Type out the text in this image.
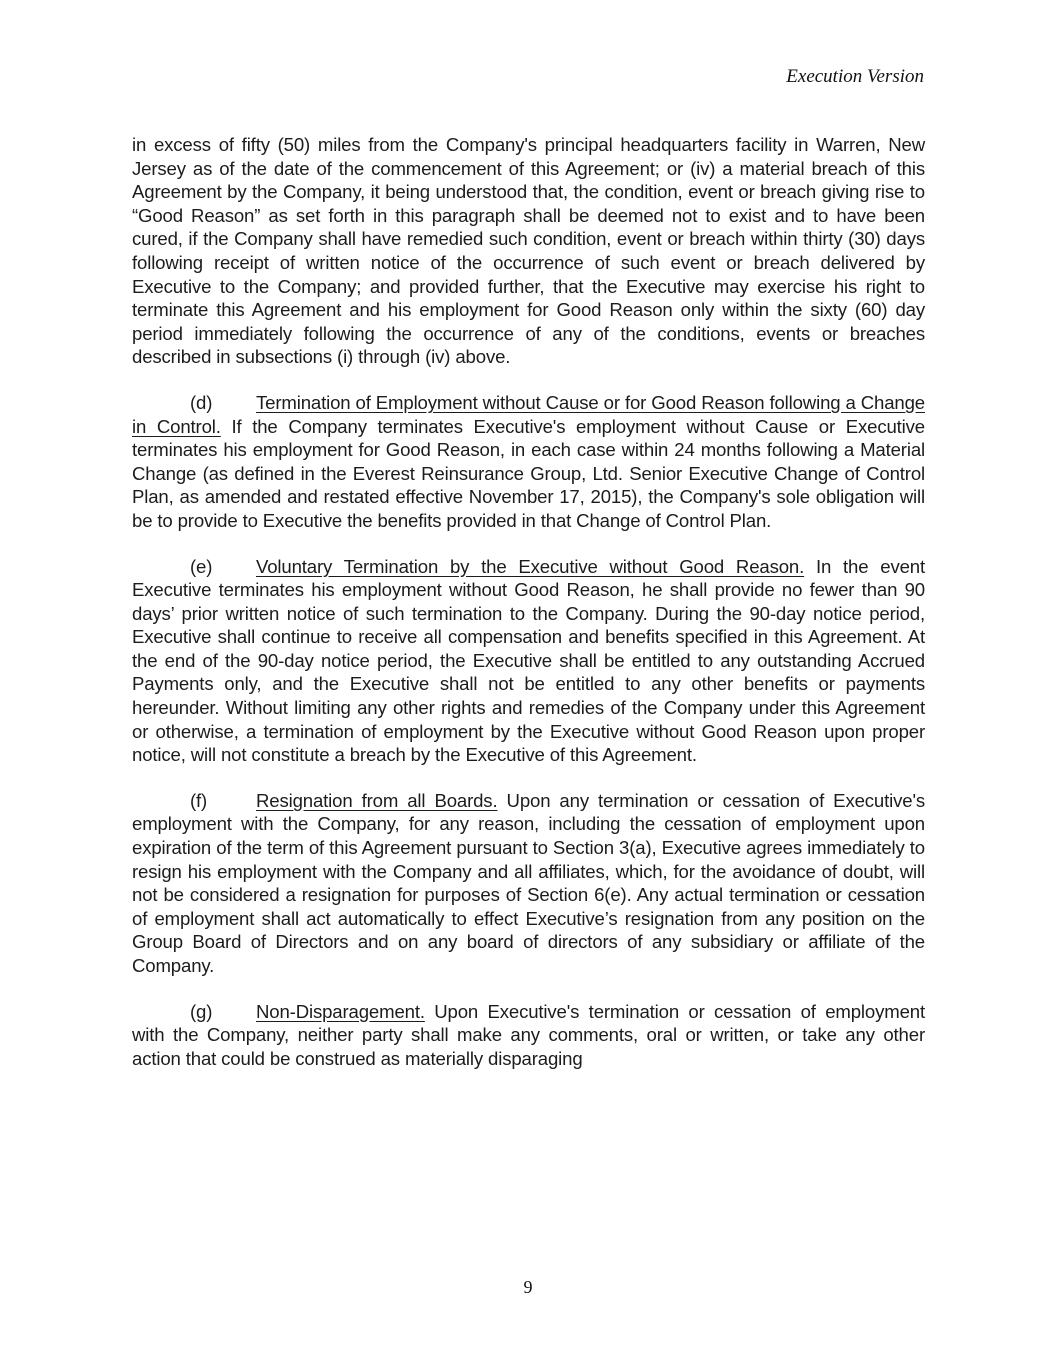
Execution Version

in excess of fifty (50) miles from the Company's principal headquarters facility in Warren, New Jersey as of the date of the commencement of this Agreement; or (iv) a material breach of this Agreement by the Company, it being understood that, the condition, event or breach giving rise to “Good Reason” as set forth in this paragraph shall be deemed not to exist and to have been cured, if the Company shall have remedied such condition, event or breach within thirty (30) days following receipt of written notice of the occurrence of such event or breach delivered by Executive to the Company; and provided further, that the Executive may exercise his right to terminate this Agreement and his employment for Good Reason only within the sixty (60) day period immediately following the occurrence of any of the conditions, events or breaches described in subsections (i) through (iv) above.

(d) Termination of Employment without Cause or for Good Reason following a Change in Control. If the Company terminates Executive's employment without Cause or Executive terminates his employment for Good Reason, in each case within 24 months following a Material Change (as defined in the Everest Reinsurance Group, Ltd. Senior Executive Change of Control Plan, as amended and restated effective November 17, 2015), the Company's sole obligation will be to provide to Executive the benefits provided in that Change of Control Plan.

(e) Voluntary Termination by the Executive without Good Reason. In the event Executive terminates his employment without Good Reason, he shall provide no fewer than 90 days’ prior written notice of such termination to the Company. During the 90-day notice period, Executive shall continue to receive all compensation and benefits specified in this Agreement. At the end of the 90-day notice period, the Executive shall be entitled to any outstanding Accrued Payments only, and the Executive shall not be entitled to any other benefits or payments hereunder. Without limiting any other rights and remedies of the Company under this Agreement or otherwise, a termination of employment by the Executive without Good Reason upon proper notice, will not constitute a breach by the Executive of this Agreement.

(f)	Resignation from all Boards. Upon any termination or cessation of Executive's employment with the Company, for any reason, including the cessation of employment upon expiration of the term of this Agreement pursuant to Section 3(a), Executive agrees immediately to resign his employment with the Company and all affiliates, which, for the avoidance of doubt, will not be considered a resignation for purposes of Section 6(e). Any actual termination or cessation of employment shall act automatically to effect Executive’s resignation from any position on the Group Board of Directors and on any board of directors of any subsidiary or affiliate of the Company.

(g) Non-Disparagement. Upon Executive's termination or cessation of employment with the Company, neither party shall make any comments, oral or written, or take any other action that could be construed as materially disparaging

9
